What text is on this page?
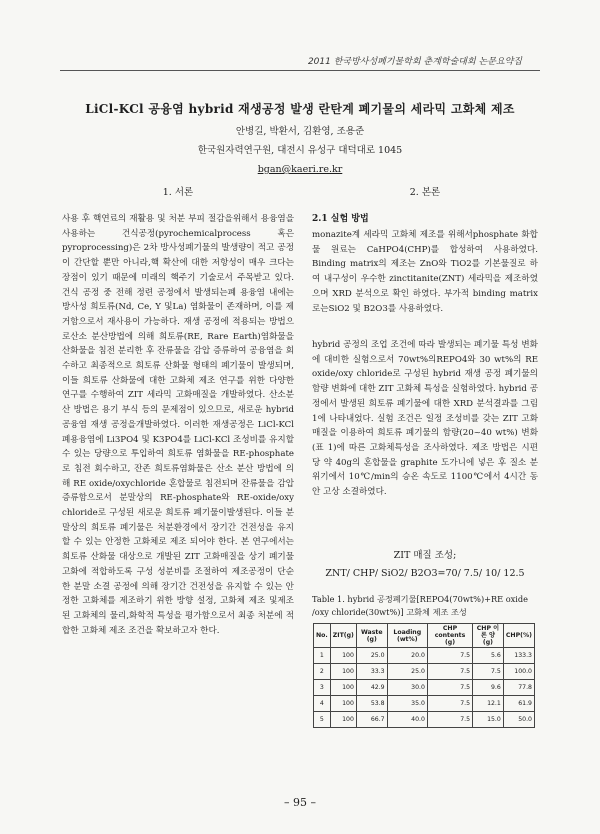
2011 한국방사성폐기물학회 춘계학술대회 논문요약집
LiCl-KCl 공융염 hybrid 재생공정 발생 란탄계 폐기물의 세라믹 고화체 제조
안병길, 박환서, 김환영, 조용준
한국원자력연구원, 대전시 유성구 대덕대로 1045
bgan@kaeri.re.kr
1. 서론	2. 본론
사용 후 핵연료의 재활용 및 처분 부피 절감을위해서 용융염을 사용하는 건식공정(pyrochemicalprocess 혹은 pyroprocessing)은 2차 방사성폐기물의 발생량이 적고 공정이 간단할 뿐만 아니라,핵 확산에 대한 저항성이 매우 크다는 장점이 있기 때문에 미래의 핵주기 기술로서 주목받고 있다. 건식 공정 중 전해 정련 공정에서 발생되는폐 용융염 내에는 방사성 희토류(Nd, Ce, Y 및La) 염화물이 존재하며, 이를 제거함으로서 재사용이 가능하다. 재생 공정에 적용되는 방법으로산소 분산방법에 의해 희토류(RE, Rare Earth)염화물을 산화물을 침전 분리한 후 잔류물을 감압 증류하여 공융염을 회수하고 최종적으로 희토류 산화물 형태의 폐기물이 발생되며, 이들 희토류 산화물에 대한 고화체 제조 연구를 위한 다양한 연구를 수행하여 ZIT 세라믹 고화매질을 개발하였다. 산소분산 방법은 용기 부식 등의 문제점이 있으므로, 새로운 hybrid 공융염 재생 공정을개발하였다. 이러한 재생공정은 LiCl-KCl 폐용융염에 Li3PO4 및 K3PO4를 LiCl-KCl 조성비를 유지할 수 있는 당량으로 투입하여 희토류 염화물을 RE-phosphate로 침전 회수하고, 잔존 희토류염화물은 산소 분산 방법에 의해 RE oxide/oxychloride 혼합물로 침전되며 잔류물을 감압 증류함으로서 분말상의 RE-phosphate와 RE-oxide/oxy chloride로 구성된 새로운 희토류 폐기물이발생된다. 이들 분말상의 희토류 폐기물은 처분환경에서 장기간 건전성을 유지할 수 있는 안정한 고화체로 제조 되어야 한다. 본 연구에서는 희토류 산화물 대상으로 개발된 ZIT 고화매질을 상기 폐기물 고화에 적합하도록 구성 성분비를 조절하여 제조공정이 단순한 분말 소결 공정에 의해 장기간 건전성을 유지할 수 있는 안정한 고화체를 제조하기 위한 방향 설정, 고화체 제조 및제조된 고화체의 물리,화학적 특성을 평가함으로서 최종 처분에 적합한 고화체 제조 조건을 확보하고자 한다.
2.1 실험 방법
monazite계 세라믹 고화체 제조를 위해서phosphate 화합물 원료는 CaHPO4(CHP)를 합성하여 사용하였다. Binding matrix의 제조는 ZnO와 TiO2를 기본물질로 하여 내구성이 우수한 zinctitanite(ZNT) 세라믹을 제조하였으며 XRD 분석으로 확인 하였다. 부가적 binding matrix로는SiO2 및 B2O3를 사용하였다.
hybrid 공정의 조업 조건에 따라 발생되는 폐기물 특성 변화에 대비한 실험으로서 70wt%의REPO4와 30 wt%의 RE oxide/oxy chloride로 구성된 hybrid 재생 공정 폐기물의 함량 변화에 대한 ZIT 고화체 특성을 실험하였다. hybrid 공정에서 발생된 희토류 폐기물에 대한 XRD 분석결과를 그림 1에 나타내었다. 실험 조건은 일정 조성비를 갖는 ZIT 고화매질을 이용하여 희토류 폐기물의 함량(20~40 wt%) 변화(표 1)에 따른 고화체특성을 조사하였다. 제조 방법은 시편 당 약 40g의 혼합물을 graphite 도가니에 넣은 후 질소 분위기에서 10℃/min의 승온 속도로 1100℃에서 4시간 동안 고상 소결하였다.
ZIT 매질 조성;
ZNT/ CHP/ SiO2/ B2O3=70/ 7.5/ 10/ 12.5
Table 1. hybrid 공정폐기물[REPO4(70wt%)+RE oxide
/oxy chloride(30wt%)] 고화체 제조 조성
No.	ZIT(g)	Waste (g)	Loading (wt%)	CHP contents (g)	CHP 이론 양 (g)	CHP(%)
1	100	25.0	20.0	7.5	5.6	133.3
2	100	33.3	25.0	7.5	7.5	100.0
3	100	42.9	30.0	7.5	9.6	77.8
4	100	53.8	35.0	7.5	12.1	61.9
5	100	66.7	40.0	7.5	15.0	50.0
– 95 –
